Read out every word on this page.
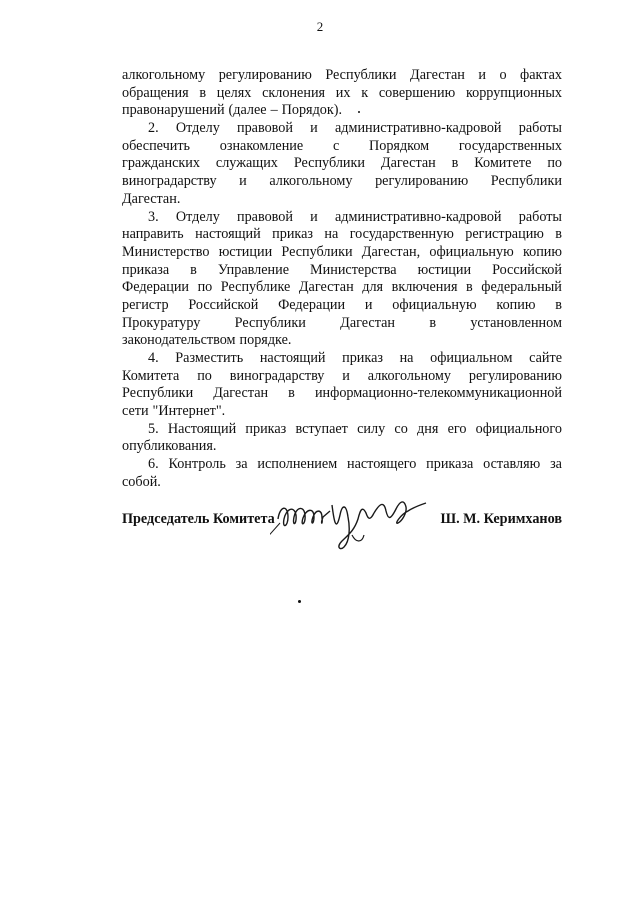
2
алкогольному регулированию Республики Дагестан и о фактах
обращения в целях склонения их к совершению коррупционных
правонарушений (далее – Порядок).
2. Отделу правовой и административно-кадровой работы
обеспечить ознакомление с Порядком государственных
гражданских служащих Республики Дагестан в Комитете по
виноградарству и алкогольному регулированию Республики
Дагестан.
3. Отделу правовой и административно-кадровой работы
направить настоящий приказ на государственную регистрацию в
Министерство юстиции Республики Дагестан, официальную копию
приказа в Управление Министерства юстиции Российской
Федерации по Республике Дагестан для включения в федеральный
регистр Российской Федерации и официальную копию в
Прокуратуру Республики Дагестан в установленном
законодательством порядке.
4. Разместить настоящий приказ на официальном сайте
Комитета по виноградарству и алкогольному регулированию
Республики Дагестан в информационно-телекоммуникационной
сети "Интернет".
5. Настоящий приказ вступает силу со дня его официального
опубликования.
6. Контроль за исполнением настоящего приказа оставляю за
собой.
Председатель Комитета	Ш. М. Керимханов
